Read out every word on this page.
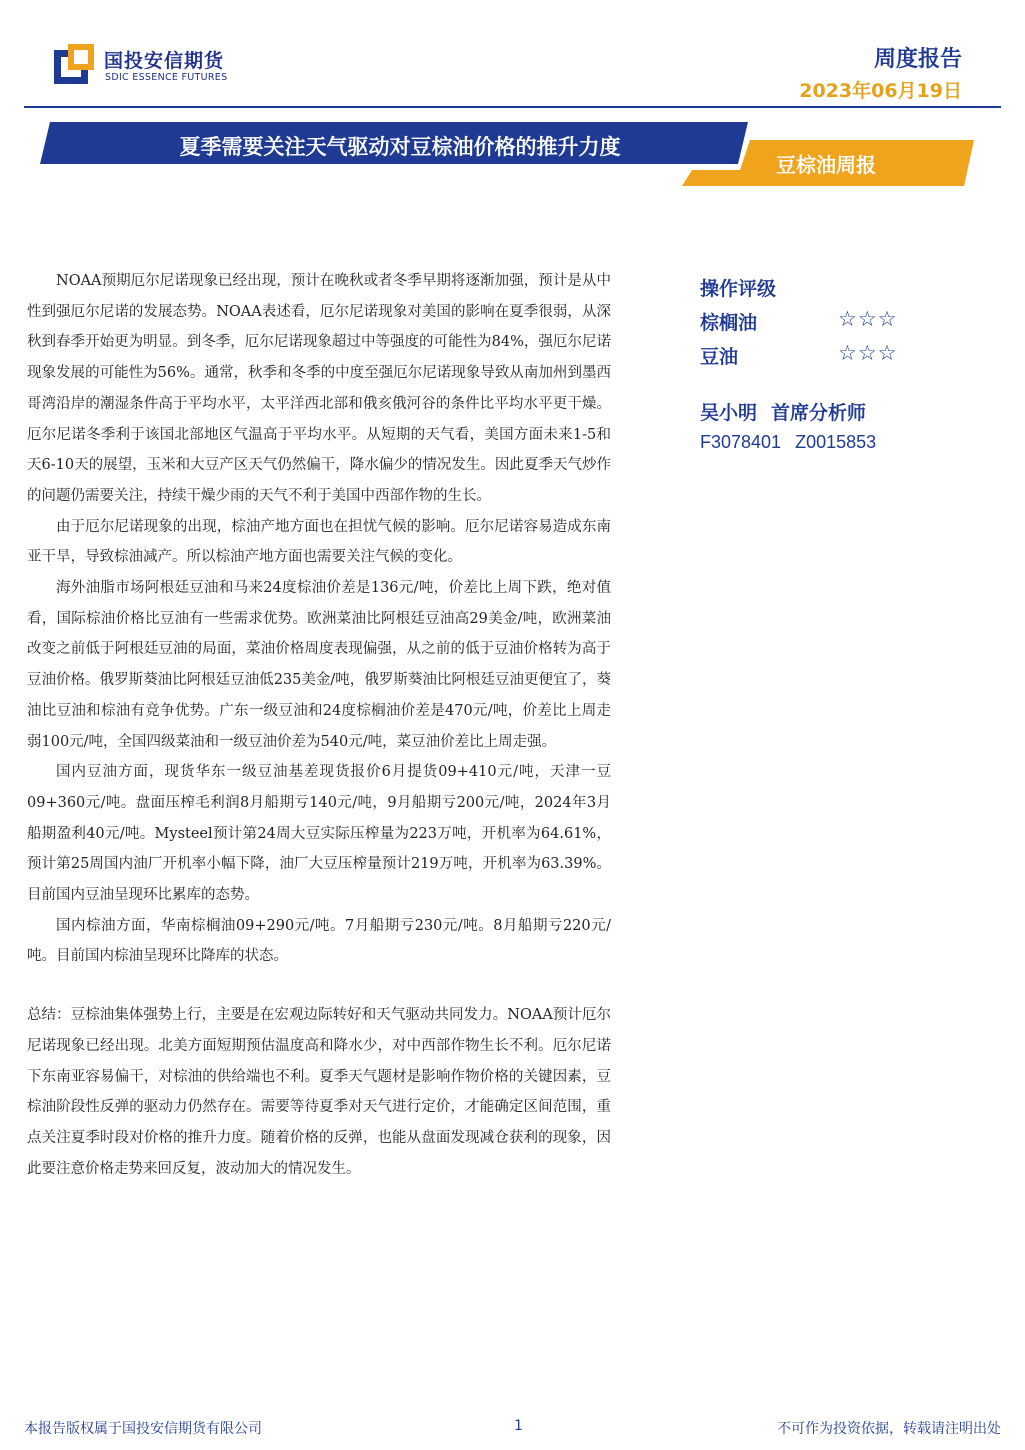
国投安信期货
SDIC ESSENCE FUTURES
周度报告
2023年06月19日
夏季需要关注天气驱动对豆棕油价格的推升力度
豆棕油周报

NOAA预期厄尔尼诺现象已经出现，预计在晚秋或者冬季早期将逐渐加强，预计是从中性到强厄尔尼诺的发展态势。NOAA表述看，厄尔尼诺现象对美国的影响在夏季很弱，从深秋到春季开始更为明显。到冬季，厄尔尼诺现象超过中等强度的可能性为84%，强厄尔尼诺现象发展的可能性为56%。通常，秋季和冬季的中度至强厄尔尼诺现象导致从南加州到墨西哥湾沿岸的潮湿条件高于平均水平，太平洋西北部和俄亥俄河谷的条件比平均水平更干燥。厄尔尼诺冬季利于该国北部地区气温高于平均水平。从短期的天气看，美国方面未来1-5和天6-10天的展望，玉米和大豆产区天气仍然偏干，降水偏少的情况发生。因此夏季天气炒作的问题仍需要关注，持续干燥少雨的天气不利于美国中西部作物的生长。

由于厄尔尼诺现象的出现，棕油产地方面也在担忧气候的影响。厄尔尼诺容易造成东南亚干旱，导致棕油减产。所以棕油产地方面也需要关注气候的变化。

海外油脂市场阿根廷豆油和马来24度棕油价差是136元/吨，价差比上周下跌，绝对值看，国际棕油价格比豆油有一些需求优势。欧洲菜油比阿根廷豆油高29美金/吨，欧洲菜油改变之前低于阿根廷豆油的局面，菜油价格周度表现偏强，从之前的低于豆油价格转为高于豆油价格。俄罗斯葵油比阿根廷豆油低235美金/吨，俄罗斯葵油比阿根廷豆油更便宜了，葵油比豆油和棕油有竞争优势。广东一级豆油和24度棕榈油价差是470元/吨，价差比上周走弱100元/吨，全国四级菜油和一级豆油价差为540元/吨，菜豆油价差比上周走强。

国内豆油方面，现货华东一级豆油基差现货报价6月提货09+410元/吨，天津一豆09+360元/吨。盘面压榨毛利润8月船期亏140元/吨，9月船期亏200元/吨，2024年3月船期盈利40元/吨。Mysteel预计第24周大豆实际压榨量为223万吨，开机率为64.61%，预计第25周国内油厂开机率小幅下降，油厂大豆压榨量预计219万吨，开机率为63.39%。目前国内豆油呈现环比累库的态势。

国内棕油方面，华南棕榈油09+290元/吨。7月船期亏230元/吨。8月船期亏220元/吨。目前国内棕油呈现环比降库的状态。

总结：豆棕油集体强势上行，主要是在宏观边际转好和天气驱动共同发力。NOAA预计厄尔尼诺现象已经出现。北美方面短期预估温度高和降水少，对中西部作物生长不利。厄尔尼诺下东南亚容易偏干，对棕油的供给端也不利。夏季天气题材是影响作物价格的关键因素，豆棕油阶段性反弹的驱动力仍然存在。需要等待夏季对天气进行定价，才能确定区间范围，重点关注夏季时段对价格的推升力度。随着价格的反弹，也能从盘面发现减仓获利的现象，因此要注意价格走势来回反复，波动加大的情况发生。

操作评级
棕榈油	☆☆☆
豆油	☆☆☆
吴小明 首席分析师
F3078401 Z0015853
本报告版权属于国投安信期货有限公司	1	不可作为投资依据，转载请注明出处
